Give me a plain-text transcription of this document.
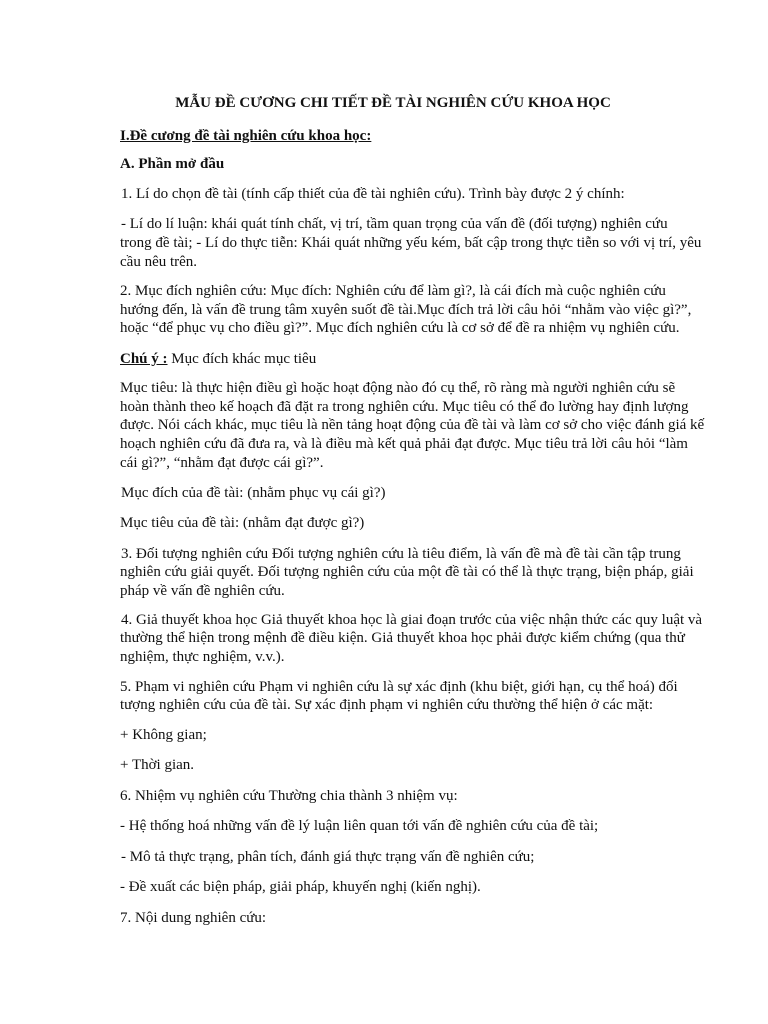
MẪU ĐỀ CƯƠNG CHI TIẾT ĐỀ TÀI NGHIÊN CỨU KHOA HỌC
I.Đề cương đề tài nghiên cứu khoa học:
A. Phần mở đầu
1. Lí do chọn đề tài (tính cấp thiết của đề tài nghiên cứu). Trình bày được 2 ý chính:
- Lí do lí luận: khái quát tính chất, vị trí, tầm quan trọng của vấn đề (đối tượng) nghiên cứu
trong đề tài; - Lí do thực tiễn: Khái quát những yếu kém, bất cập trong thực tiễn so với vị trí, yêu
cầu nêu trên.
2. Mục đích nghiên cứu: Mục đích: Nghiên cứu để làm gì?, là cái đích mà cuộc nghiên cứu
hướng đến, là vấn đề trung tâm xuyên suốt đề tài.Mục đích trả lời câu hỏi “nhằm vào việc gì?”,
hoặc “để phục vụ cho điều gì?”. Mục đích nghiên cứu là cơ sở để đề ra nhiệm vụ nghiên cứu.
Chú ý : Mục đích khác mục tiêu
Mục tiêu: là thực hiện điều gì hoặc hoạt động nào đó cụ thể, rõ ràng mà người nghiên cứu sẽ
hoàn thành theo kế hoạch đã đặt ra trong nghiên cứu. Mục tiêu có thể đo lường hay định lượng
được. Nói cách khác, mục tiêu là nền tảng hoạt động của đề tài và làm cơ sở cho việc đánh giá kế
hoạch nghiên cứu đã đưa ra, và là điều mà kết quả phải đạt được. Mục tiêu trả lời câu hỏi “làm
cái gì?”, “nhằm đạt được cái gì?”.
Mục đích của đề tài: (nhằm phục vụ cái gì?)
Mục tiêu của đề tài: (nhằm đạt được gì?)
3. Đối tượng nghiên cứu Đối tượng nghiên cứu là tiêu điểm, là vấn đề mà đề tài cần tập trung
nghiên cứu giải quyết. Đối tượng nghiên cứu của một đề tài có thể là thực trạng, biện pháp, giải
pháp về vấn đề nghiên cứu.
4. Giả thuyết khoa học Giả thuyết khoa học là giai đoạn trước của việc nhận thức các quy luật và
thường thể hiện trong mệnh đề điều kiện. Giả thuyết khoa học phải được kiểm chứng (qua thử
nghiệm, thực nghiệm, v.v.).
5. Phạm vi nghiên cứu Phạm vi nghiên cứu là sự xác định (khu biệt, giới hạn, cụ thể hoá) đối
tượng nghiên cứu của đề tài. Sự xác định phạm vi nghiên cứu thường thể hiện ở các mặt:
+ Không gian;
+ Thời gian.
6. Nhiệm vụ nghiên cứu Thường chia thành 3 nhiệm vụ:
- Hệ thống hoá những vấn đề lý luận liên quan tới vấn đề nghiên cứu của đề tài;
- Mô tả thực trạng, phân tích, đánh giá thực trạng vấn đề nghiên cứu;
- Đề xuất các biện pháp, giải pháp, khuyến nghị (kiến nghị).
7. Nội dung nghiên cứu:
